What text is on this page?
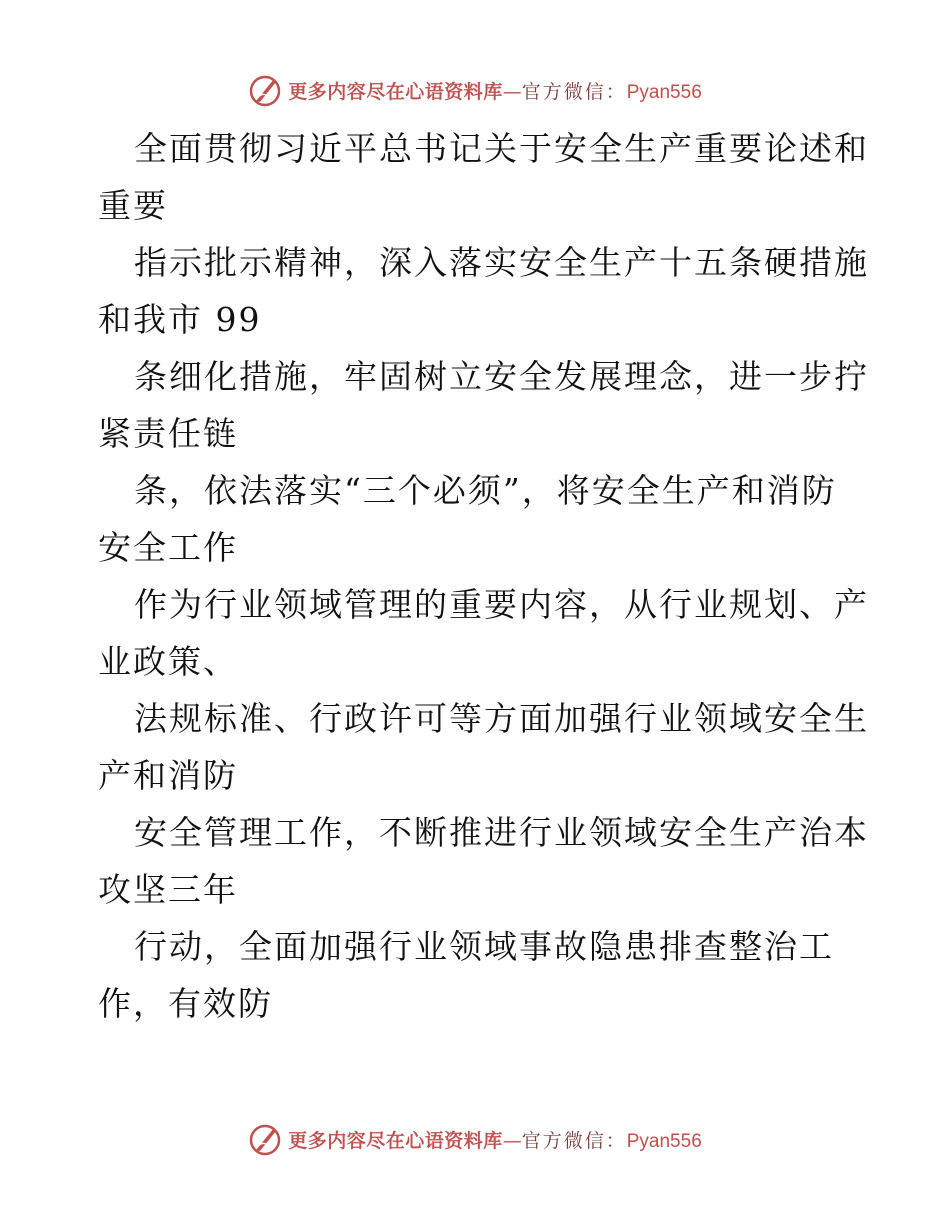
更多内容尽在心语资料库 — 官方微信： Pyan556
全面贯彻习近平总书记关于安全生产重要论述和
重要
指示批示精神，深入落实安全生产十五条硬措施
和我市 99
条细化措施，牢固树立安全发展理念，进一步拧
紧责任链
条，依法落实“三个必须”，将安全生产和消防
安全工作
作为行业领域管理的重要内容，从行业规划、产
业政策、
法规标准、行政许可等方面加强行业领域安全生
产和消防
安全管理工作，不断推进行业领域安全生产治本
攻坚三年
行动，全面加强行业领域事故隐患排查整治工
作，有效防
更多内容尽在心语资料库 — 官方微信： Pyan556
